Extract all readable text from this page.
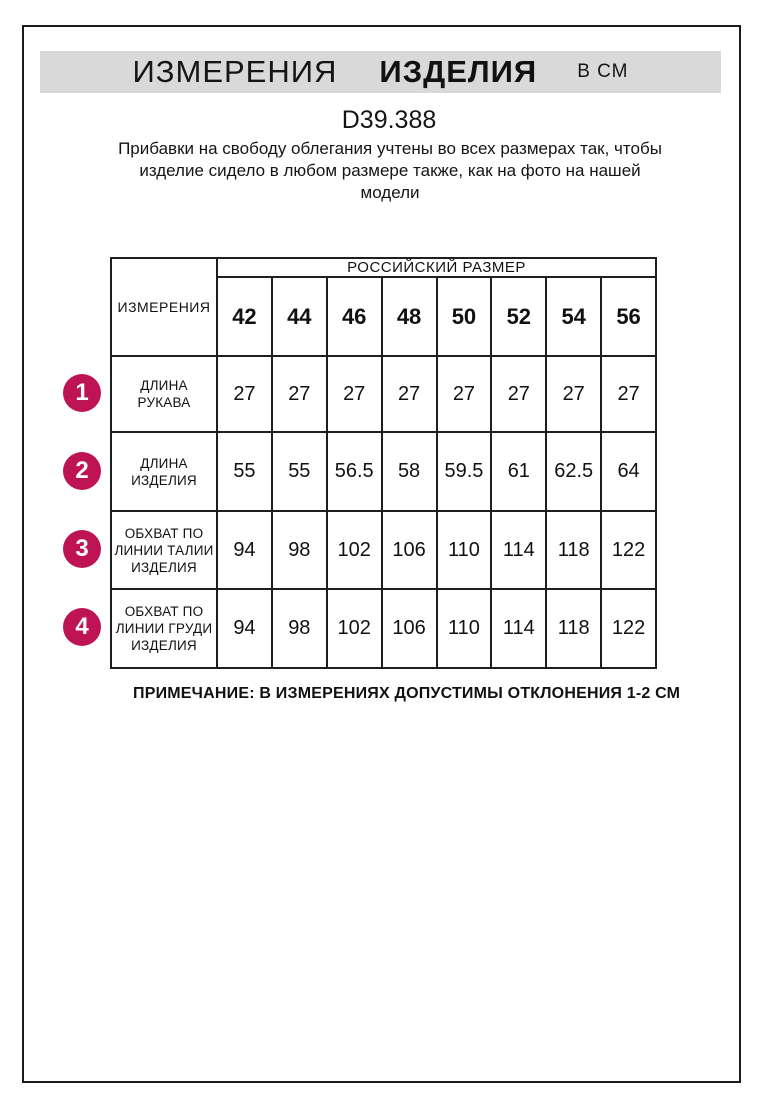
ИЗМЕРЕНИЯ ИЗДЕЛИЯ В СМ
D39.388
Прибавки на свободу облегания учтены во всех размерах так, чтобы
изделие сидело в любом размере также, как на фото на нашей
модели
ИЗМЕРЕНИЯ	РОССИЙСКИЙ РАЗМЕР							
	42	44	46	48	50	52	54	56
ДЛИНА РУКАВА	27	27	27	27	27	27	27	27
ДЛИНА ИЗДЕЛИЯ	55	55	56.5	58	59.5	61	62.5	64
ОБХВАТ ПО ЛИНИИ ТАЛИИ ИЗДЕЛИЯ	94	98	102	106	110	114	118	122
ОБХВАТ ПО ЛИНИИ ГРУДИ ИЗДЕЛИЯ	94	98	102	106	110	114	118	122
1
2
3
4
ПРИМЕЧАНИЕ: В ИЗМЕРЕНИЯХ ДОПУСТИМЫ ОТКЛОНЕНИЯ 1-2 СМ
